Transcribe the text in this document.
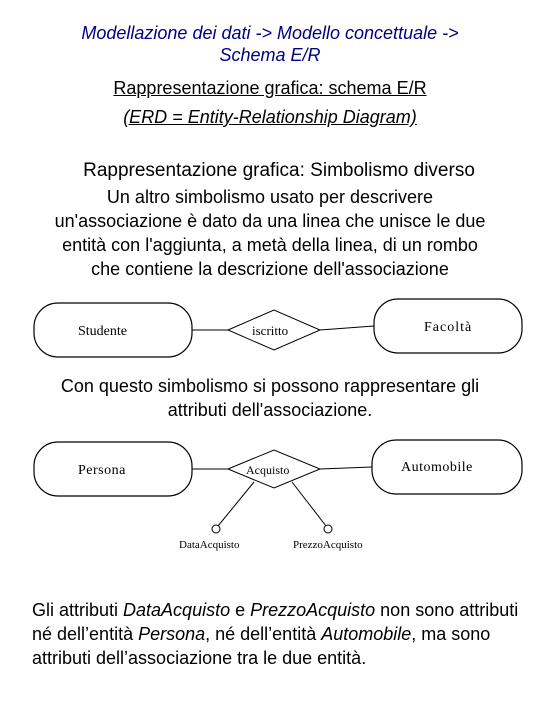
Modellazione dei dati -> Modello concettuale ->
Schema E/R
Rappresentazione grafica: schema E/R
(ERD = Entity-Relationship Diagram)
Rappresentazione grafica: Simbolismo diverso
Un altro simbolismo usato per descrivere
un'associazione è dato da una linea che unisce le due
entità con l'aggiunta, a metà della linea, di un rombo
che contiene la descrizione dell'associazione
Studente	iscritto	Facoltà
Con questo simbolismo si possono rappresentare gli
attributi dell'associazione.
Persona	Acquisto	Automobile
DataAcquisto	PrezzoAcquisto
Gli attributi DataAcquisto e PrezzoAcquisto non sono attributi né dell’entità Persona, né dell’entità Automobile, ma sono attributi dell’associazione tra le due entità.
